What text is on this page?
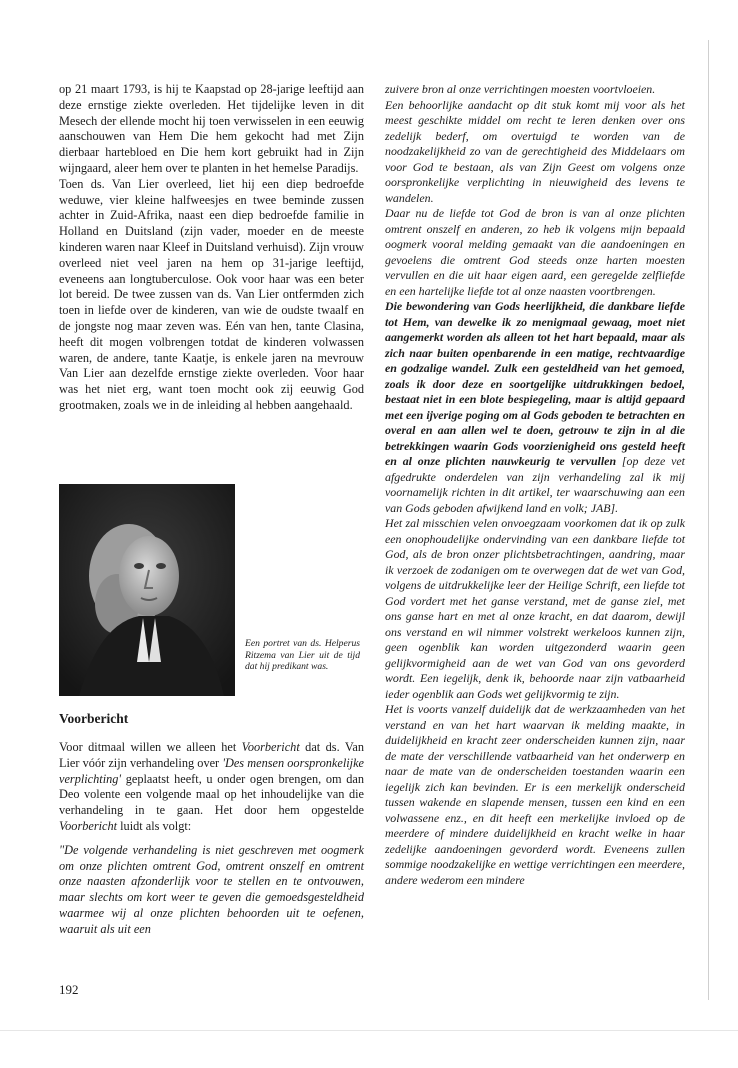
op 21 maart 1793, is hij te Kaapstad op 28-jarige leeftijd aan deze ernstige ziekte overleden. Het tijdelijke leven in dit Mesech der ellende mocht hij toen verwisselen in een eeuwig aanschouwen van Hem Die hem gekocht had met Zijn dierbaar hartebloed en Die hem kort gebruikt had in Zijn wijngaard, aleer hem over te planten in het hemelse Paradijs.

Toen ds. Van Lier overleed, liet hij een diep bedroefde weduwe, vier kleine halfweesjes en twee beminde zussen achter in Zuid-Afrika, naast een diep bedroefde familie in Holland en Duitsland (zijn vader, moeder en de meeste kinderen waren naar Kleef in Duitsland verhuisd). Zijn vrouw overleed niet veel jaren na hem op 31-jarige leeftijd, eveneens aan longtuberculose. Ook voor haar was een beter lot bereid. De twee zussen van ds. Van Lier ontfermden zich toen in liefde over de kinderen, van wie de oudste twaalf en de jongste nog maar zeven was. Eén van hen, tante Clasina, heeft dit mogen volbrengen totdat de kinderen volwassen waren, de andere, tante Kaatje, is enkele jaren na mevrouw Van Lier aan dezelfde ernstige ziekte overleden. Voor haar was het niet erg, want toen mocht ook zij eeuwig God grootmaken, zoals we in de inleiding al hebben aangehaald.

Een portret van ds. Helperus Ritzema van Lier uit de tijd dat hij predikant was.
Voorbericht

Voor ditmaal willen we alleen het Voorbericht dat ds. Van Lier vóór zijn verhandeling over 'Des mensen oorspronkelijke verplichting' geplaatst heeft, u onder ogen brengen, om dan Deo volente een volgende maal op het inhoudelijke van die verhandeling in te gaan. Het door hem opgestelde Voorbericht luidt als volgt:

"De volgende verhandeling is niet geschreven met oogmerk om onze plichten omtrent God, omtrent onszelf en omtrent onze naasten afzonderlijk voor te stellen en te ontvouwen, maar slechts om kort weer te geven die gemoedsgesteldheid waarmee wij al onze plichten behoorden uit te oefenen, waaruit als uit een

zuivere bron al onze verrichtingen moesten voortvloeien.

Een behoorlijke aandacht op dit stuk komt mij voor als het meest geschikte middel om recht te leren denken over ons zedelijk bederf, om overtuigd te worden van de noodzakelijkheid zo van de gerechtigheid des Middelaars om voor God te bestaan, als van Zijn Geest om volgens onze oorspronkelijke verplichting in nieuwigheid des levens te wandelen.

Daar nu de liefde tot God de bron is van al onze plichten omtrent onszelf en anderen, zo heb ik volgens mijn bepaald oogmerk vooral melding gemaakt van die aandoeningen en gevoelens die omtrent God steeds onze harten moesten vervullen en die uit haar eigen aard, een geregelde zelfliefde en een hartelijke liefde tot al onze naasten voortbrengen.

Die bewondering van Gods heerlijkheid, die dankbare liefde tot Hem, van dewelke ik zo menigmaal gewaag, moet niet aangemerkt worden als alleen tot het hart bepaald, maar als zich naar buiten openbarende in een matige, rechtvaardige en godzalige wandel. Zulk een gesteldheid van het gemoed, zoals ik door deze en soortgelijke uitdrukkingen bedoel, bestaat niet in een blote bespiegeling, maar is altijd gepaard met een ijverige poging om al Gods geboden te betrachten en overal en aan allen wel te doen, getrouw te zijn in al die betrekkingen waarin Gods voorzienigheid ons gesteld heeft en al onze plichten nauwkeurig te vervullen [op deze vet afgedrukte onderdelen van zijn verhandeling zal ik mij voornamelijk richten in dit artikel, ter waarschuwing aan een van Gods geboden afwijkend land en volk; JAB].

Het zal misschien velen onvoegzaam voorkomen dat ik op zulk een onophoudelijke ondervinding van een dankbare liefde tot God, als de bron onzer plichtsbetrachtingen, aandring, maar ik verzoek de zodanigen om te overwegen dat de wet van God, volgens de uitdrukkelijke leer der Heilige Schrift, een liefde tot God vordert met het ganse verstand, met de ganse ziel, met ons ganse hart en met al onze kracht, en dat daarom, dewijl ons verstand en wil nimmer volstrekt werkeloos kunnen zijn, geen ogenblik kan worden uitgezonderd waarin geen gelijkvormigheid aan de wet van God van ons gevorderd wordt. Een iegelijk, denk ik, behoorde naar zijn vatbaarheid ieder ogenblik aan Gods wet gelijkvormig te zijn.

Het is voorts vanzelf duidelijk dat de werkzaamheden van het verstand en van het hart waarvan ik melding maakte, in duidelijkheid en kracht zeer onderscheiden kunnen zijn, naar de mate der verschillende vatbaarheid van het onderwerp en naar de mate van de onderscheiden toestanden waarin een iegelijk zich kan bevinden. Er is een merkelijk onderscheid tussen wakende en slapende mensen, tussen een kind en een volwassene enz., en dit heeft een merkelijke invloed op de meerdere of mindere duidelijkheid en kracht welke in haar zedelijke aandoeningen gevorderd wordt. Eveneens zullen sommige noodzakelijke en wettige verrichtingen een meerdere, andere wederom een mindere

192
